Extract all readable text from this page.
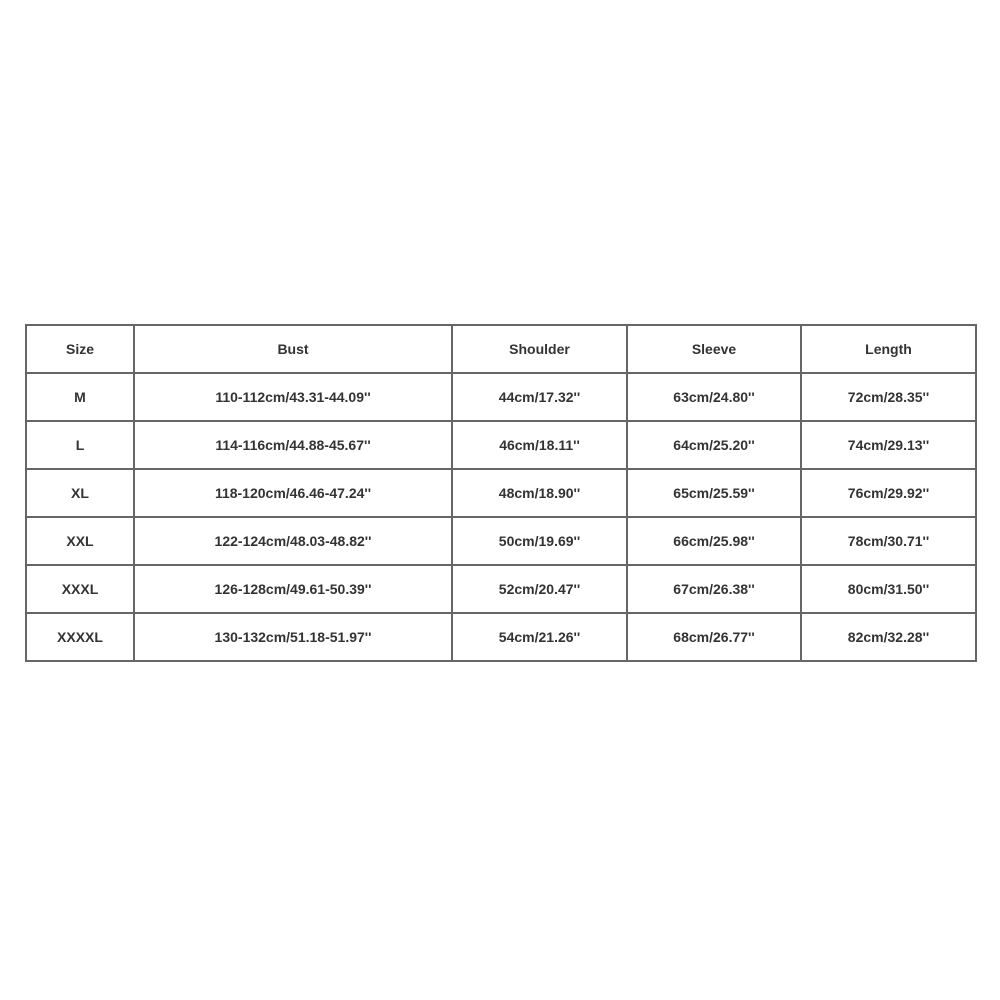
Size	Bust	Shoulder	Sleeve	Length
M	110-112cm/43.31-44.09''	44cm/17.32''	63cm/24.80''	72cm/28.35''
L	114-116cm/44.88-45.67''	46cm/18.11''	64cm/25.20''	74cm/29.13''
XL	118-120cm/46.46-47.24''	48cm/18.90''	65cm/25.59''	76cm/29.92''
XXL	122-124cm/48.03-48.82''	50cm/19.69''	66cm/25.98''	78cm/30.71''
XXXL	126-128cm/49.61-50.39''	52cm/20.47''	67cm/26.38''	80cm/31.50''
XXXXL	130-132cm/51.18-51.97''	54cm/21.26''	68cm/26.77''	82cm/32.28''
